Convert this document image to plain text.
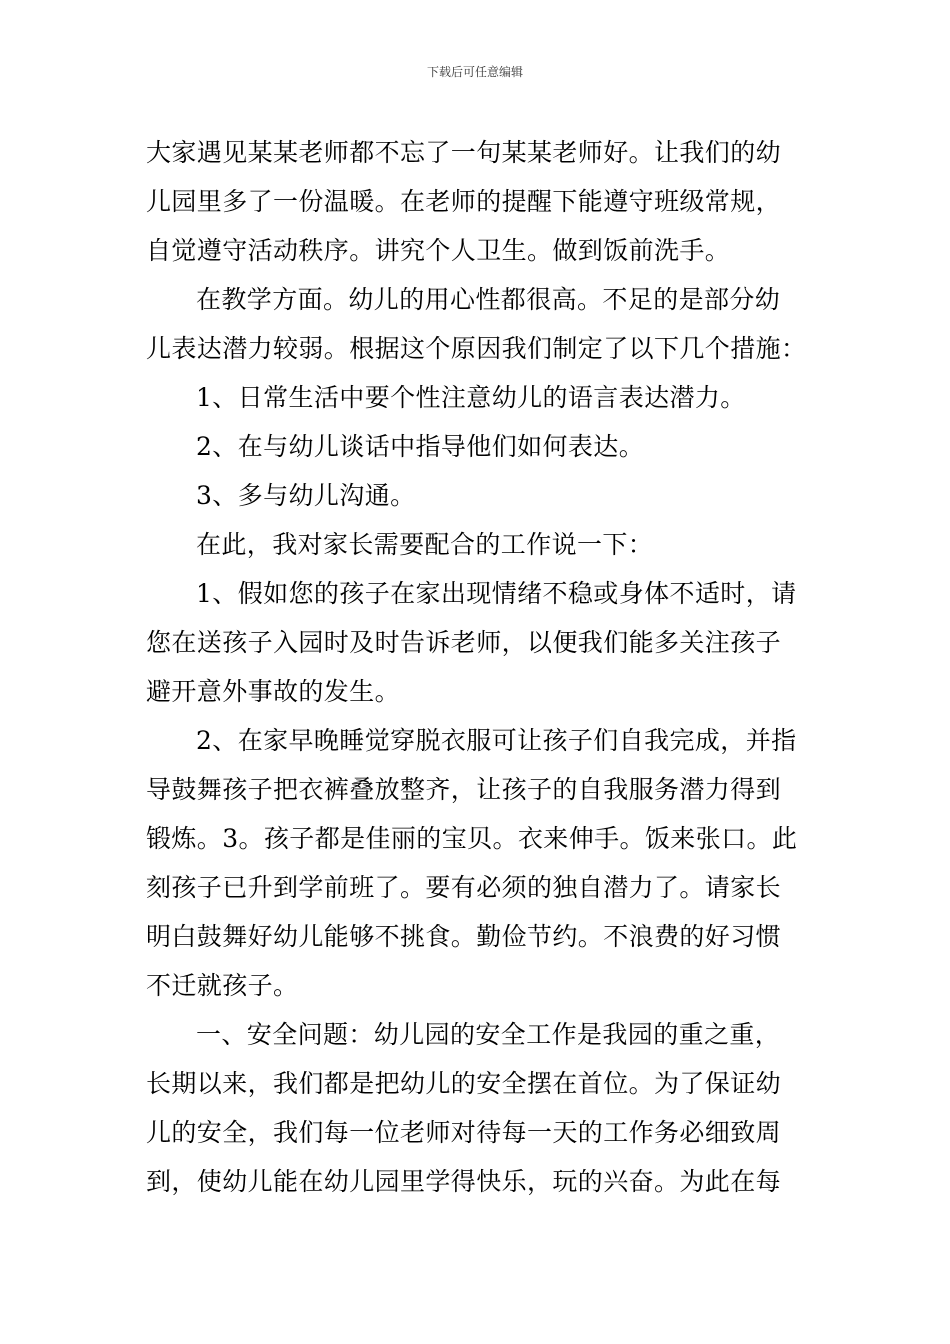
下载后可任意编辑
大家遇见某某老师都不忘了一句某某老师好。让我们的幼
儿园里多了一份温暖。在老师的提醒下能遵守班级常规，
自觉遵守活动秩序。讲究个人卫生。做到饭前洗手。
在教学方面。幼儿的用心性都很高。不足的是部分幼
儿表达潜力较弱。根据这个原因我们制定了以下几个措施：
1、日常生活中要个性注意幼儿的语言表达潜力。
2、在与幼儿谈话中指导他们如何表达。
3、多与幼儿沟通。
在此，我对家长需要配合的工作说一下：
1、假如您的孩子在家出现情绪不稳或身体不适时，请
您在送孩子入园时及时告诉老师，以便我们能多关注孩子
避开意外事故的发生。
2、在家早晚睡觉穿脱衣服可让孩子们自我完成，并指
导鼓舞孩子把衣裤叠放整齐，让孩子的自我服务潜力得到
锻炼。3。孩子都是佳丽的宝贝。衣来伸手。饭来张口。此
刻孩子已升到学前班了。要有必须的独自潜力了。请家长
明白鼓舞好幼儿能够不挑食。勤俭节约。不浪费的好习惯
不迁就孩子。
一、安全问题：幼儿园的安全工作是我园的重之重，
长期以来，我们都是把幼儿的安全摆在首位。为了保证幼
儿的安全，我们每一位老师对待每一天的工作务必细致周
到，使幼儿能在幼儿园里学得快乐，玩的兴奋。为此在每
